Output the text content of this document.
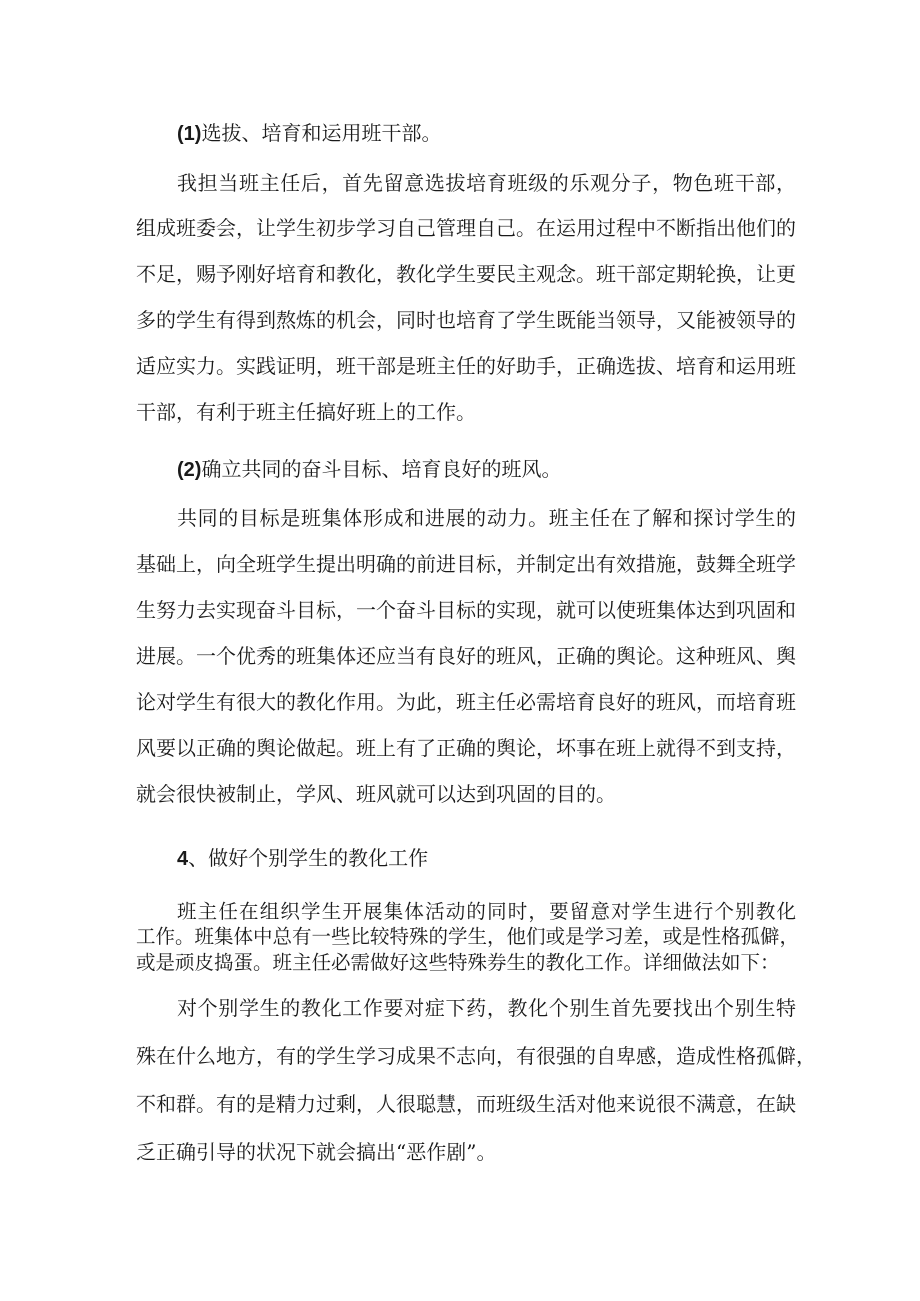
(1)选拔、培育和运用班干部。
我担当班主任后，首先留意选拔培育班级的乐观分子，物色班干部，
组成班委会，让学生初步学习自己管理自己。在运用过程中不断指出他们的
不足，赐予刚好培育和教化，教化学生要民主观念。班干部定期轮换，让更
多的学生有得到熬炼的机会，同时也培育了学生既能当领导，又能被领导的
适应实力。实践证明，班干部是班主任的好助手，正确选拔、培育和运用班
干部，有利于班主任搞好班上的工作。
(2)确立共同的奋斗目标、培育良好的班风。
共同的目标是班集体形成和进展的动力。班主任在了解和探讨学生的
基础上，向全班学生提出明确的前进目标，并制定出有效措施，鼓舞全班学
生努力去实现奋斗目标，一个奋斗目标的实现，就可以使班集体达到巩固和
进展。一个优秀的班集体还应当有良好的班风，正确的舆论。这种班风、舆
论对学生有很大的教化作用。为此，班主任必需培育良好的班风，而培育班
风要以正确的舆论做起。班上有了正确的舆论，坏事在班上就得不到支持，
就会很快被制止，学风、班风就可以达到巩固的目的。
4、做好个别学生的教化工作
班主任在组织学生开展集体活动的同时，要留意对学生进行个别教化
工作。班集体中总有一些比较特殊的学生，他们或是学习差，或是性格孤僻，
或是顽皮捣蛋。班主任必需做好这些特殊券生的教化工作。详细做法如下：
对个别学生的教化工作要对症下药，教化个别生首先要找出个别生特
殊在什么地方，有的学生学习成果不志向，有很强的自卑感，造成性格孤僻，
不和群。有的是精力过剩，人很聪慧，而班级生活对他来说很不满意，在缺
乏正确引导的状况下就会搞出“恶作剧”。
